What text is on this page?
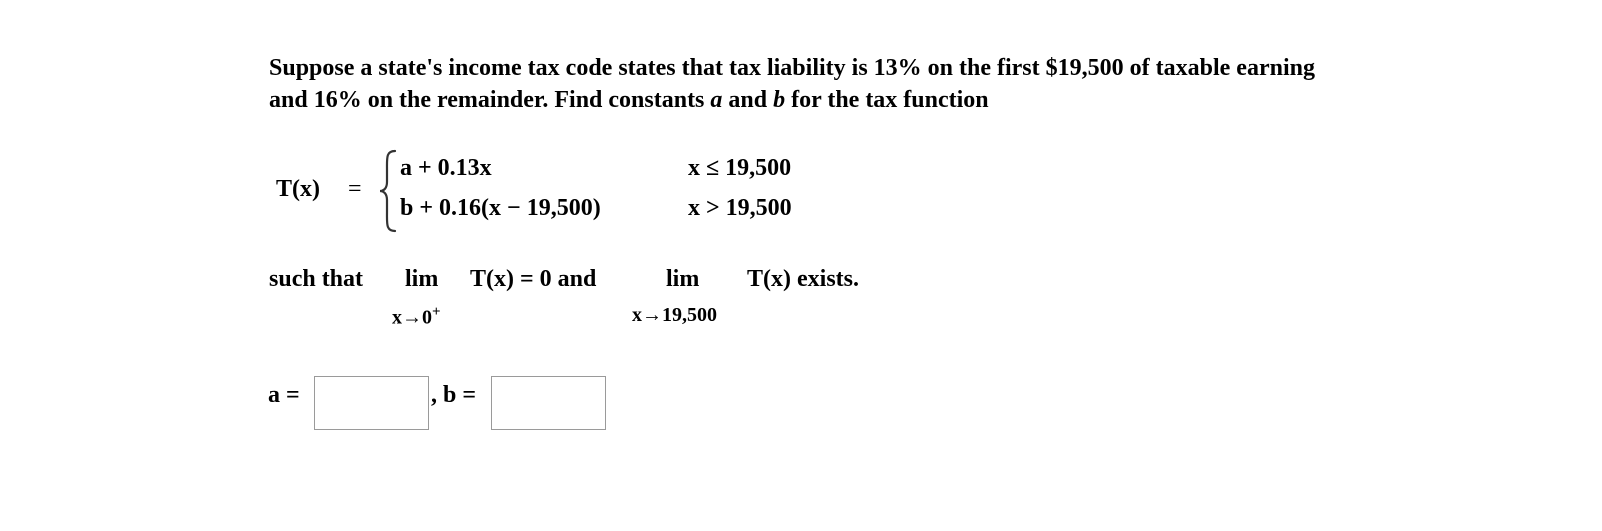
Suppose a state's income tax code states that tax liability is 13% on the first $19,500 of taxable earning
and 16% on the remainder. Find constants a and b for the tax function
T(x) =
a + 0.13x
b + 0.16(x − 19,500)
x ≤ 19,500
x > 19,500
such that lim T(x) = 0 and
x→0+
lim T(x) exists.
x→19,500
a =	, b =
